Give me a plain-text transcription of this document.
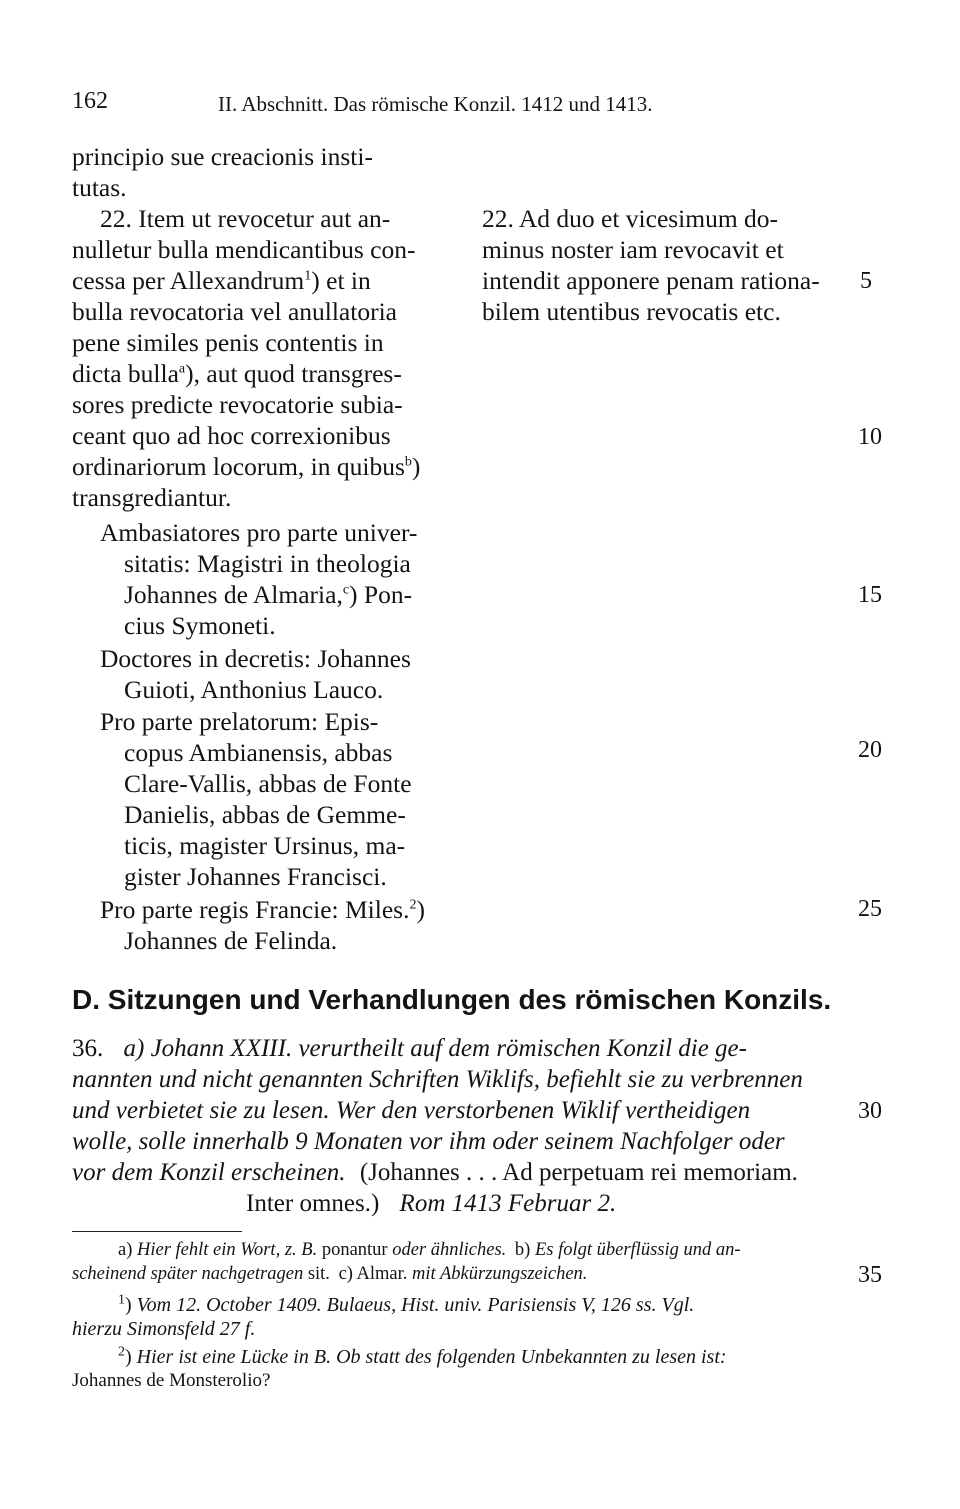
162	II. Abschnitt. Das römische Konzil. 1412 und 1413.
principio sue creacionis insti-
tutas.
22. Item ut revocetur aut an-
nulletur bulla mendicantibus con-
cessa per Allexandrum$^1$) et in
bulla revocatoria vel anullatoria
pene similes penis contentis in
dicta bulla$^a$), aut quod transgres-
sores predicte revocatorie subia-
ceant quo ad hoc correxionibus
ordinariorum locorum, in quibus$^b$)
transgrediantur.
Ambasiatores pro parte univer-
sitatis: Magistri in theologia
Johannes de Almaria,$^c$) Pon-
cius Symoneti.
Doctores in decretis: Johannes
Guioti, Anthonius Lauco.
Pro parte prelatorum: Epis-
copus Ambianensis, abbas
Clare-Vallis, abbas de Fonte
Danielis, abbas de Gemme-
ticis, magister Ursinus, ma-
gister Johannes Francisci.
Pro parte regis Francie: Miles.$^2$)
Johannes de Felinda.
22. Ad duo et vicesimum do-
minus noster iam revocavit et
intendit apponere penam rationa-
bilem utentibus revocatis etc.
5
10
15
20
25
30
35
D. Sitzungen und Verhandlungen des römischen Konzils.
36. a) Johann XXIII. verurtheilt auf dem römischen Konzil die ge-
nannten und nicht genannten Schriften Wiklifs, befiehlt sie zu verbrennen
und verbietet sie zu lesen. Wer den verstorbenen Wiklif vertheidigen
wolle, solle innerhalb 9 Monaten vor ihm oder seinem Nachfolger oder
vor dem Konzil erscheinen. (Johannes . . . Ad perpetuam rei memoriam.
Inter omnes.) Rom 1413 Februar 2.
a) Hier fehlt ein Wort, z. B. ponantur oder ähnliches. b) Es folgt überflüssig und an-
scheinend später nachgetragen sit. c) Almar. mit Abkürzungszeichen.
$^1$) Vom 12. October 1409. Bulaeus, Hist. univ. Parisiensis V, 126 ss. Vgl.
hierzu Simonsfeld 27 f.
$^2$) Hier ist eine Lücke in B. Ob statt des folgenden Unbekannten zu lesen ist:
Johannes de Monsterolio?
